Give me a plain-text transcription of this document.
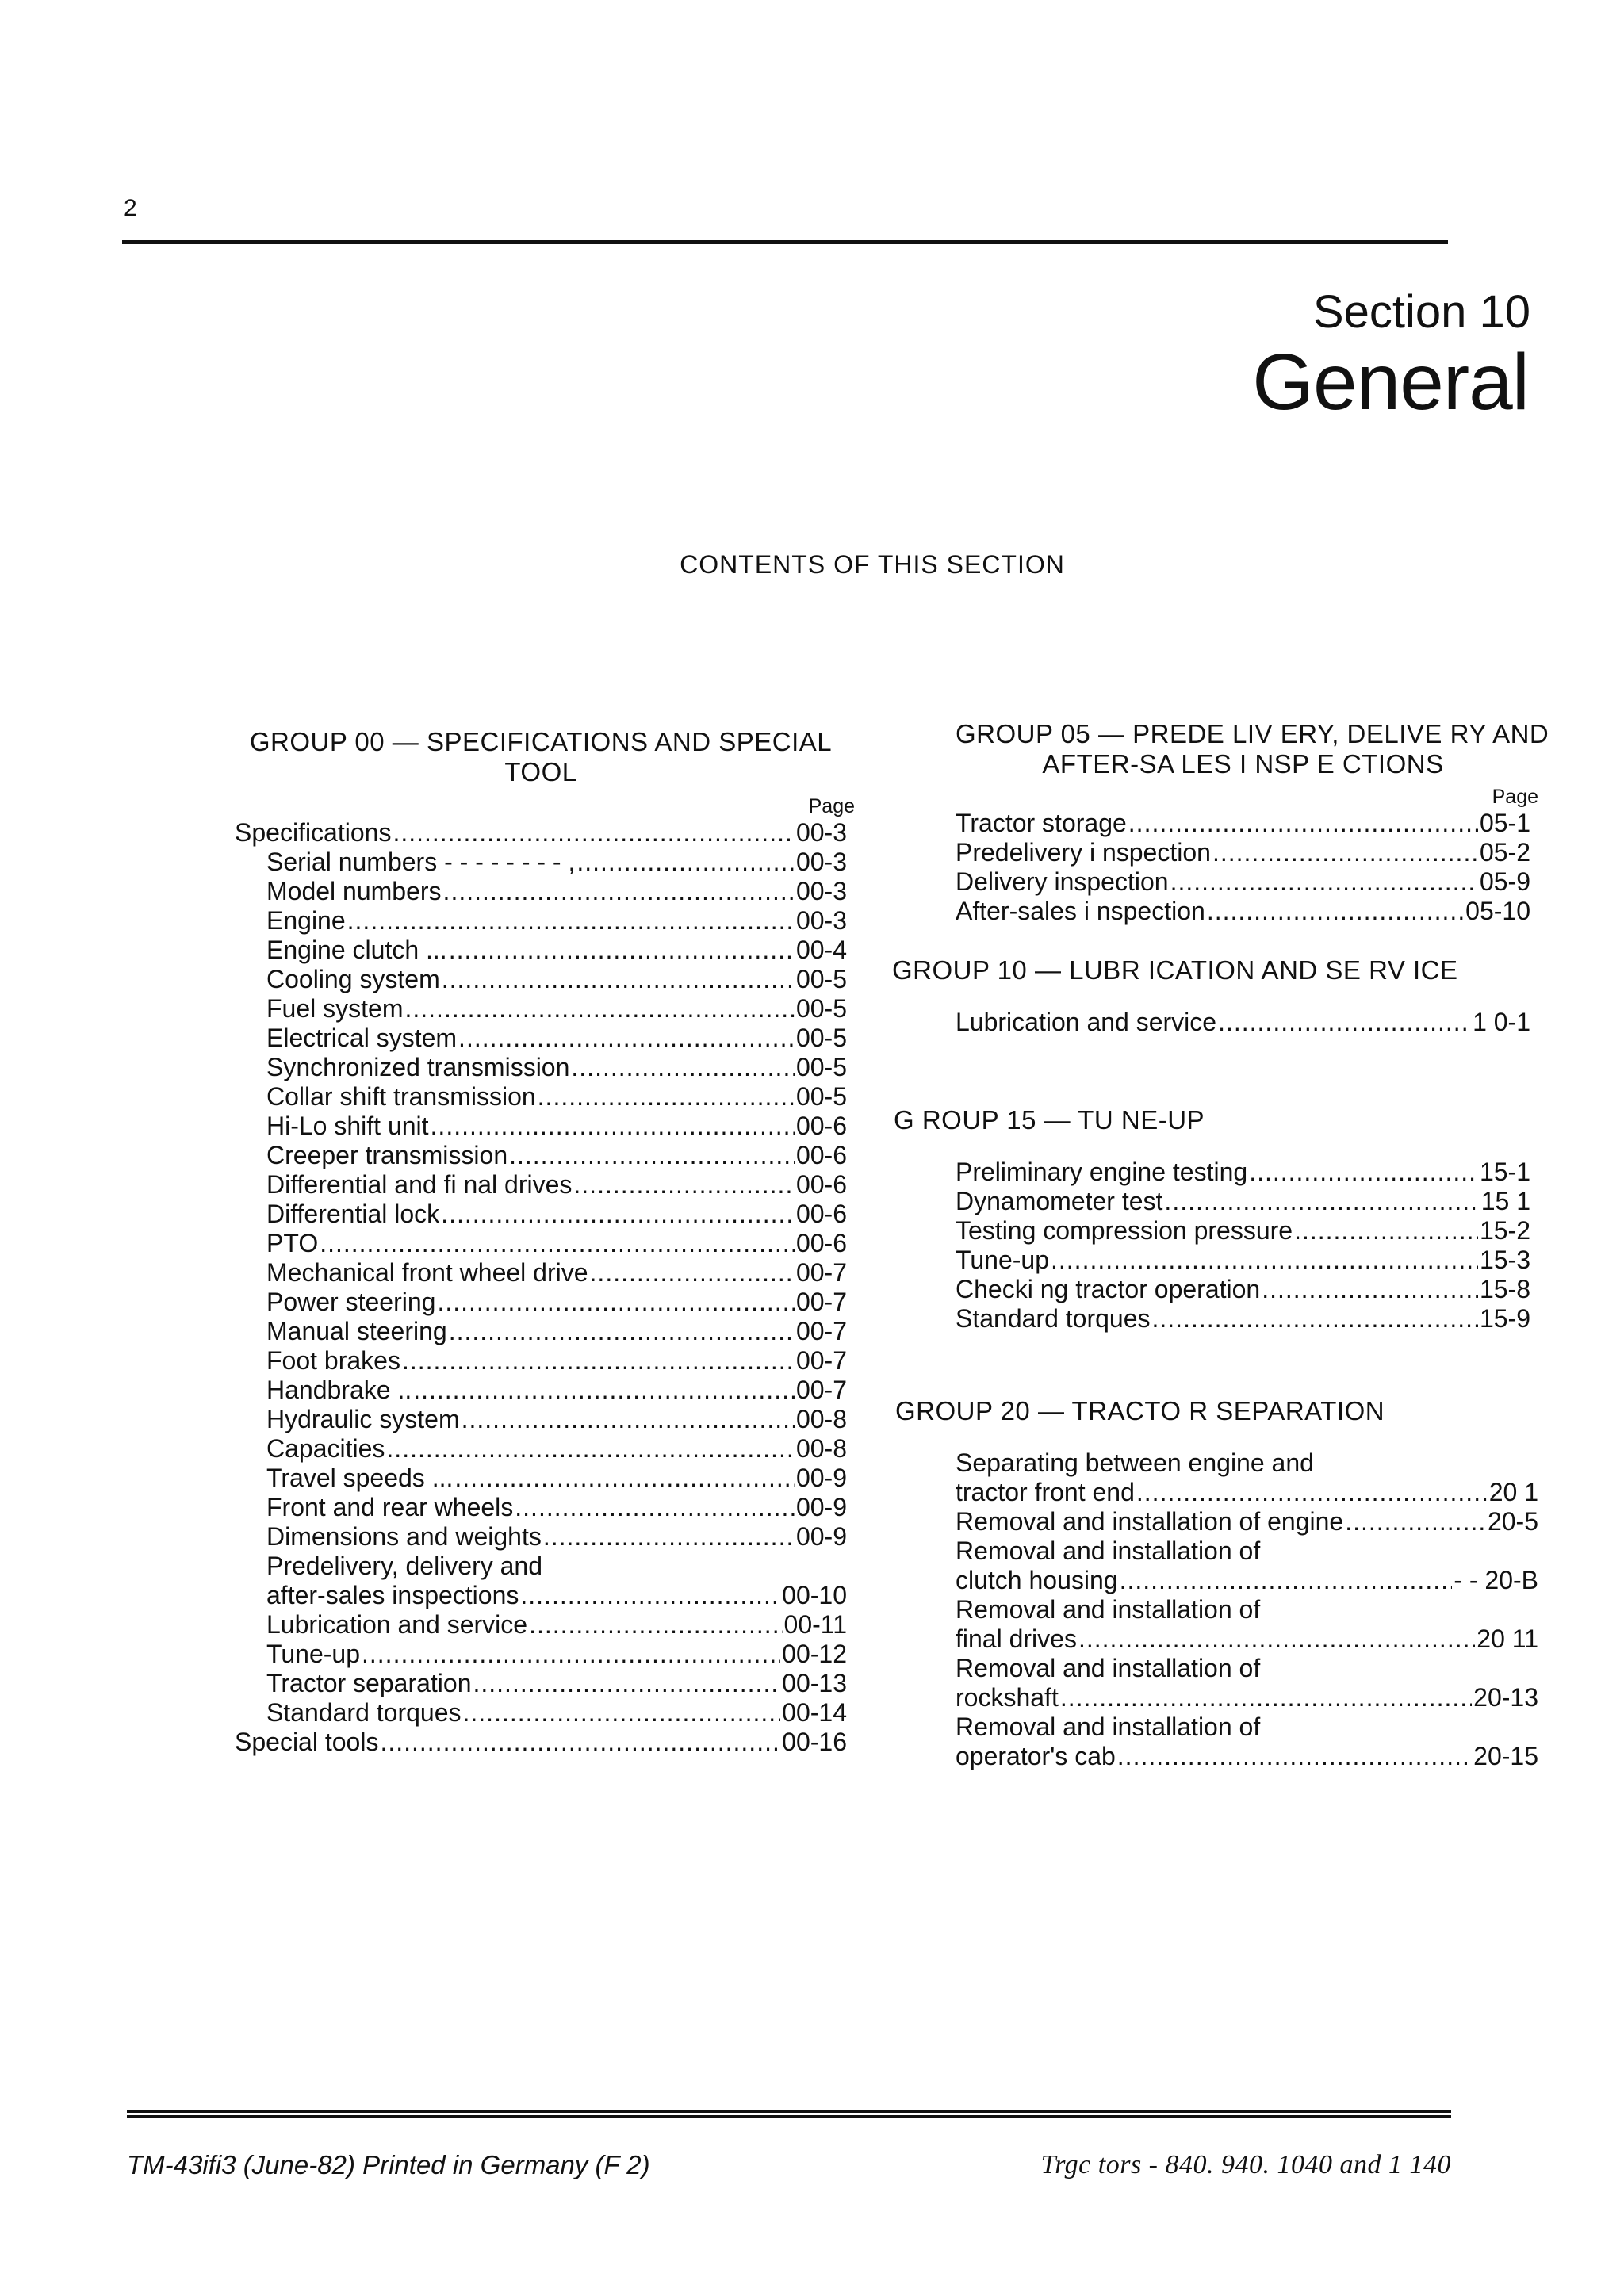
2
Section 10
General
CONTENTS OF THIS SECTION
GROUP 00 — SPECIFICATIONS AND SPECIAL
TOOL
Page
Specifications .....	00-3
Serial numbers - - - - - - - - , .....	00-3
Model numbers .....	00-3
Engine .....	00-3
Engine clutch ... .....	00-4
Cooling system .....	00-5
Fuel system .....	00-5
Electrical system .....	00-5
Synchronized transmission .....	00-5
Collar shift transmission .....	00-5
Hi-Lo shift unit .....	00-6
Creeper transmission .....	00-6
Differential and fi nal drives .....	00-6
Differential lock .....	00-6
PTO .....	00-6
Mechanical front wheel drive .....	00-7
Power steering .....	00-7
Manual steering .....	00-7
Foot brakes .....	00-7
Handbrake .. .....	00-7
Hydraulic system .....	00-8
Capacities .....	00-8
Travel speeds ... .....	00-9
Front and rear wheels .....	00-9
Dimensions and weights .....	00-9
Predelivery, delivery and
after-sales inspections .....	00-10
Lubrication and service .....	00-11
Tune-up .....	00-12
Tractor separation .....	00-13
Standard torques .....	00-14
Special tools .....	00-16
GROUP 05 — PREDE LIV ERY, DELIVE RY AND
AFTER-SA LES I NSP E CTIONS
Page
Tractor storage .....	05-1
Predelivery i nspection .....	05-2
Delivery inspection .....	05-9
After-sales i nspection .....	05-10
GROUP 10 — LUBR ICATION AND SE RV ICE
Lubrication and service .....	1 0-1
G ROUP 15 — TU NE-UP
Preliminary engine testing .....	15-1
Dynamometer test .....	15 1
Testing compression pressure .....	15-2
Tune-up .....	15-3
Checki ng tractor operation .....	15-8
Standard torques .....	15-9
GROUP 20 — TRACTO R SEPARATION
Separating between engine and
tractor front end .....	20 1
Removal and installation of engine .....	20-5
Removal and installation of
clutch housing .....	- - 20-B
Removal and installation of
final drives .....	20 11
Removal and installation of
rockshaft .....	20-13
Removal and installation of
operator's cab .....	20-15
TM-43ifi3 (June-82) Printed in Germany (F 2)	Trgc tors - 840. 940. 1040 and 1 140
